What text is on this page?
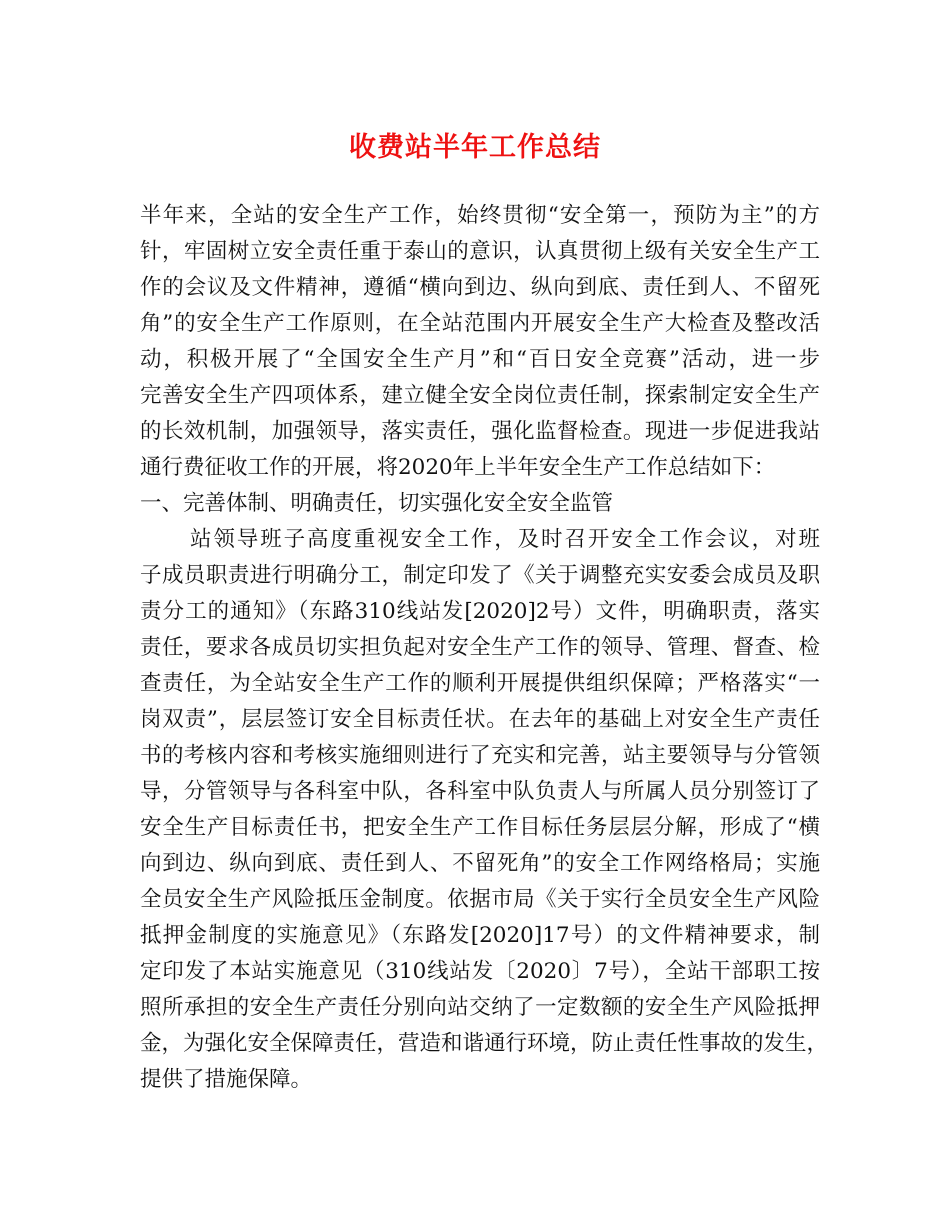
收费站半年工作总结
半年来，全站的安全生产工作，始终贯彻“安全第一，预防为主”的方
针，牢固树立安全责任重于泰山的意识，认真贯彻上级有关安全生产工
作的会议及文件精神，遵循“横向到边、纵向到底、责任到人、不留死
角”的安全生产工作原则，在全站范围内开展安全生产大检查及整改活
动，积极开展了“全国安全生产月”和“百日安全竞赛”活动，进一步
完善安全生产四项体系，建立健全安全岗位责任制，探索制定安全生产
的长效机制，加强领导，落实责任，强化监督检查。现进一步促进我站
通行费征收工作的开展，将2020年上半年安全生产工作总结如下：
一、完善体制、明确责任，切实强化安全安全监管
站领导班子高度重视安全工作，及时召开安全工作会议，对班
子成员职责进行明确分工，制定印发了《关于调整充实安委会成员及职
责分工的通知》（东路310线站发[2020]2号）文件，明确职责，落实
责任，要求各成员切实担负起对安全生产工作的领导、管理、督查、检
查责任，为全站安全生产工作的顺利开展提供组织保障；严格落实“一
岗双责”，层层签订安全目标责任状。在去年的基础上对安全生产责任
书的考核内容和考核实施细则进行了充实和完善，站主要领导与分管领
导，分管领导与各科室中队，各科室中队负责人与所属人员分别签订了
安全生产目标责任书，把安全生产工作目标任务层层分解，形成了“横
向到边、纵向到底、责任到人、不留死角”的安全工作网络格局；实施
全员安全生产风险抵压金制度。依据市局《关于实行全员安全生产风险
抵押金制度的实施意见》（东路发[2020]17号）的文件精神要求，制
定印发了本站实施意见（310线站发〔2020〕7号），全站干部职工按
照所承担的安全生产责任分别向站交纳了一定数额的安全生产风险抵押
金，为强化安全保障责任，营造和谐通行环境，防止责任性事故的发生，
提供了措施保障。
